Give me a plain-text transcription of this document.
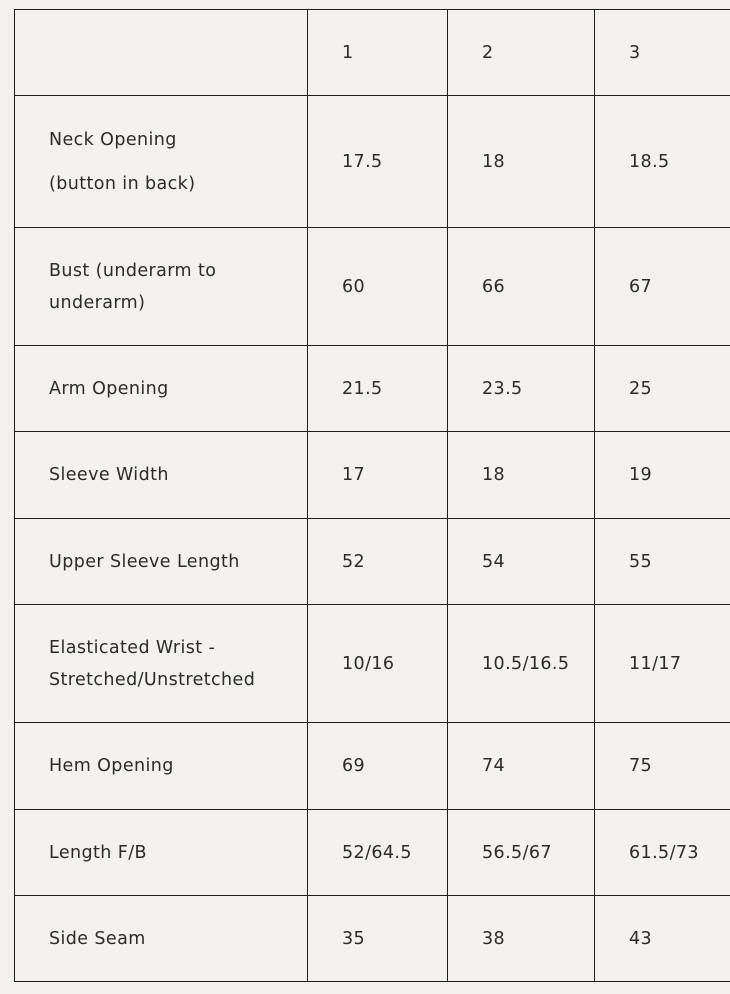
	1	2	3

Neck Opening
(button in back)	17.5	18	18.5

Bust (underarm to
underarm)	60	66	67

Arm Opening	21.5	23.5	25

Sleeve Width	17	18	19

Upper Sleeve Length	52	54	55

Elasticated Wrist -
Stretched/Unstretched	10/16	10.5/16.5	11/17

Hem Opening	69	74	75

Length F/B	52/64.5	56.5/67	61.5/73

Side Seam	35	38	43
